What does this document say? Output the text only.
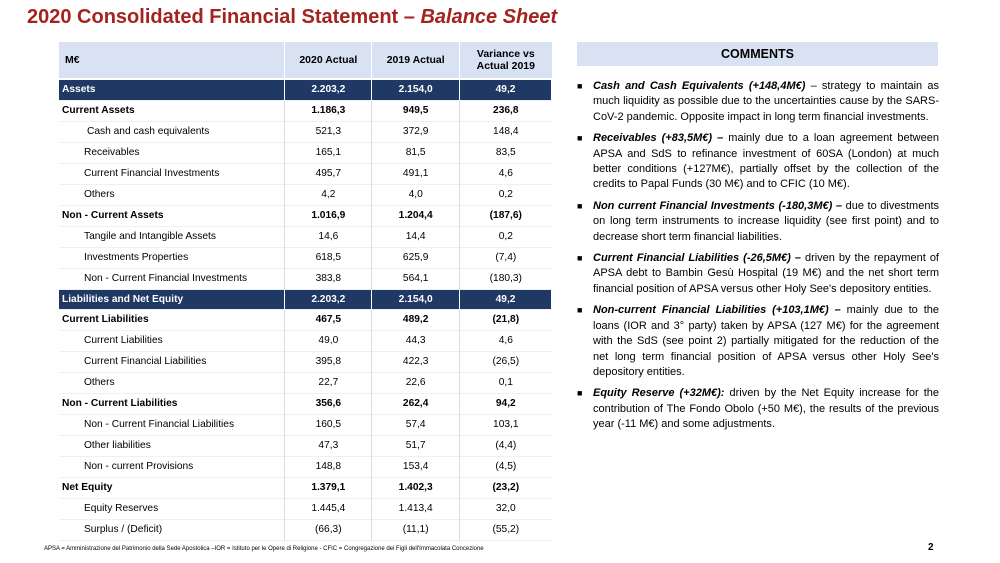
2020 Consolidated Financial Statement – Balance Sheet
M€	2020 Actual	2019 Actual	Variance vs Actual 2019

Assets	2.203,2	2.154,0	49,2
Current Assets	1.186,3	949,5	236,8
Cash and cash equivalents	521,3	372,9	148,4
Receivables	165,1	81,5	83,5
Current Financial Investments	495,7	491,1	4,6
Others	4,2	4,0	0,2
Non - Current Assets	1.016,9	1.204,4	(187,6)
Tangile and Intangible Assets	14,6	14,4	0,2
Investments Properties	618,5	625,9	(7,4)
Non - Current Financial Investments	383,8	564,1	(180,3)
Liabilities and Net Equity	2.203,2	2.154,0	49,2
Current Liabilities	467,5	489,2	(21,8)
Current Liabilities	49,0	44,3	4,6
Current Financial Liabilities	395,8	422,3	(26,5)
Others	22,7	22,6	0,1
Non - Current Liabilities	356,6	262,4	94,2
Non - Current Financial Liabilities	160,5	57,4	103,1
Other liabilities	47,3	51,7	(4,4)
Non - current Provisions	148,8	153,4	(4,5)
Net Equity	1.379,1	1.402,3	(23,2)
Equity Reserves	1.445,4	1.413,4	32,0
Surplus / (Deficit)	(66,3)	(11,1)	(55,2)
COMMENTS
■ Cash and Cash Equivalents (+148,4M€) – strategy to maintain as much liquidity as possible due to the uncertainties cause by the SARS-CoV-2 pandemic. Opposite impact in long term financial investments.
■ Receivables (+83,5M€) – mainly due to a loan agreement between APSA and SdS to refinance investment of 60SA (London) at much better conditions (+127M€), partially offset by the collection of the credits to Papal Funds (30 M€) and to CFIC (10 M€).
■ Non current Financial Investments (-180,3M€) – due to divestments on long term instruments to increase liquidity (see first point) and to decrease short term financial liabilities.
■ Current Financial Liabilities (-26,5M€) – driven by the repayment of APSA debt to Bambin Gesù Hospital (19 M€) and the net short term financial position of APSA versus other Holy See's depository entities.
■ Non-current Financial Liabilities (+103,1M€) – mainly due to the loans (IOR and 3° party) taken by APSA (127 M€) for the agreement with the SdS (see point 2) partially mitigated for the reduction of the net long term financial position of APSA versus other Holy See's depository entities.
■ Equity Reserve (+32M€): driven by the Net Equity increase for the contribution of The Fondo Obolo (+50 M€), the results of the previous year (-11 M€) and some adjustments.
APSA = Amministrazione del Patrimonio della Sede Apostolica –IOR = Istituto per le Opere di Religione - CFIC = Congregazione dei Figli dell'Immacolata Concezione	2
